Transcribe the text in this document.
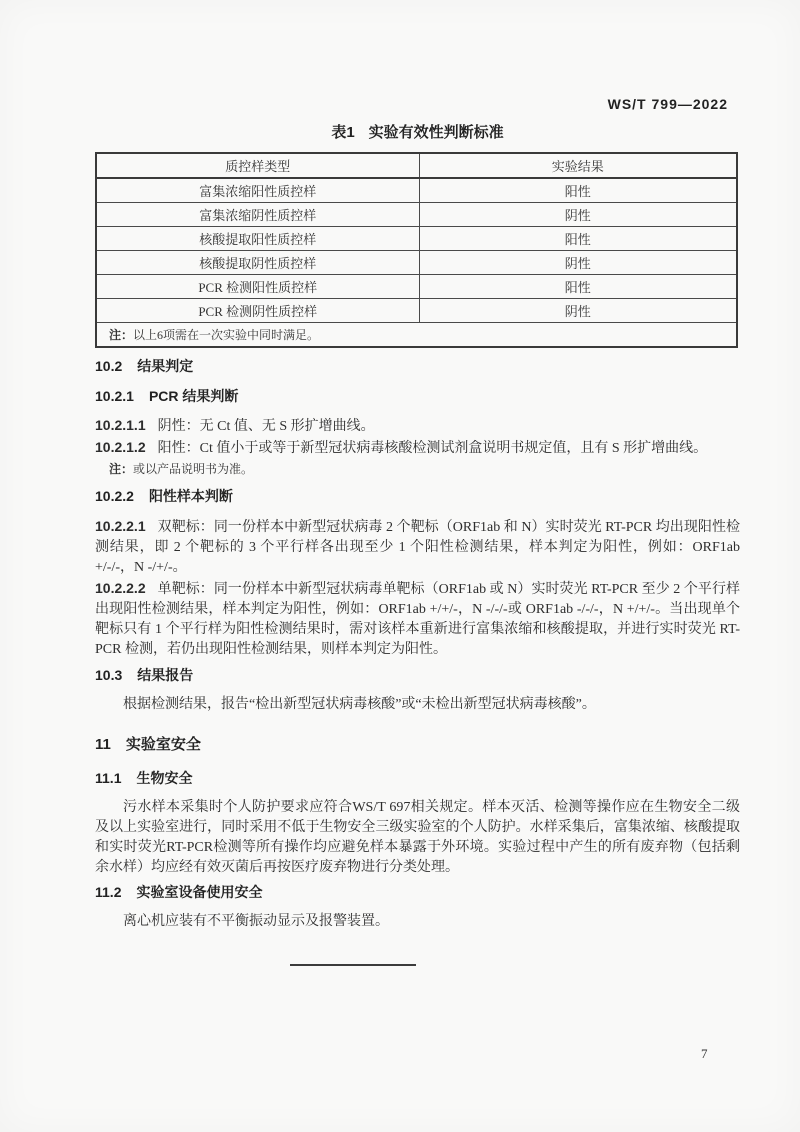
WS/T 799—2022

表1 实验有效性判断标准

质控样类型	实验结果
富集浓缩阳性质控样	阳性
富集浓缩阴性质控样	阴性
核酸提取阳性质控样	阳性
核酸提取阴性质控样	阴性
PCR 检测阳性质控样	阳性
PCR 检测阴性质控样	阴性
注：以上6项需在一次实验中同时满足。	

10.2 结果判定

10.2.1 PCR 结果判断

10.2.1.1 阴性：无 Ct 值、无 S 形扩增曲线。

10.2.1.2 阳性：Ct 值小于或等于新型冠状病毒核酸检测试剂盒说明书规定值，且有 S 形扩增曲线。

注：或以产品说明书为准。

10.2.2 阳性样本判断

10.2.2.1 双靶标：同一份样本中新型冠状病毒 2 个靶标（ORF1ab 和 N）实时荧光 RT-PCR 均出现阳性检测结果，即 2 个靶标的 3 个平行样各出现至少 1 个阳性检测结果，样本判定为阳性，例如：ORF1ab +/-/-，N -/+/-。

10.2.2.2 单靶标：同一份样本中新型冠状病毒单靶标（ORF1ab 或 N）实时荧光 RT-PCR 至少 2 个平行样出现阳性检测结果，样本判定为阳性，例如：ORF1ab +/+/-，N -/-/-或 ORF1ab -/-/-，N +/+/-。当出现单个靶标只有 1 个平行样为阳性检测结果时，需对该样本重新进行富集浓缩和核酸提取，并进行实时荧光 RT-PCR 检测，若仍出现阳性检测结果，则样本判定为阳性。

10.3 结果报告

根据检测结果，报告“检出新型冠状病毒核酸”或“未检出新型冠状病毒核酸”。

11 实验室安全

11.1 生物安全

污水样本采集时个人防护要求应符合WS/T 697相关规定。样本灭活、检测等操作应在生物安全二级及以上实验室进行，同时采用不低于生物安全三级实验室的个人防护。水样采集后，富集浓缩、核酸提取和实时荧光RT-PCR检测等所有操作均应避免样本暴露于外环境。实验过程中产生的所有废弃物（包括剩余水样）均应经有效灭菌后再按医疗废弃物进行分类处理。

11.2 实验室设备使用安全

离心机应装有不平衡振动显示及报警装置。

7
